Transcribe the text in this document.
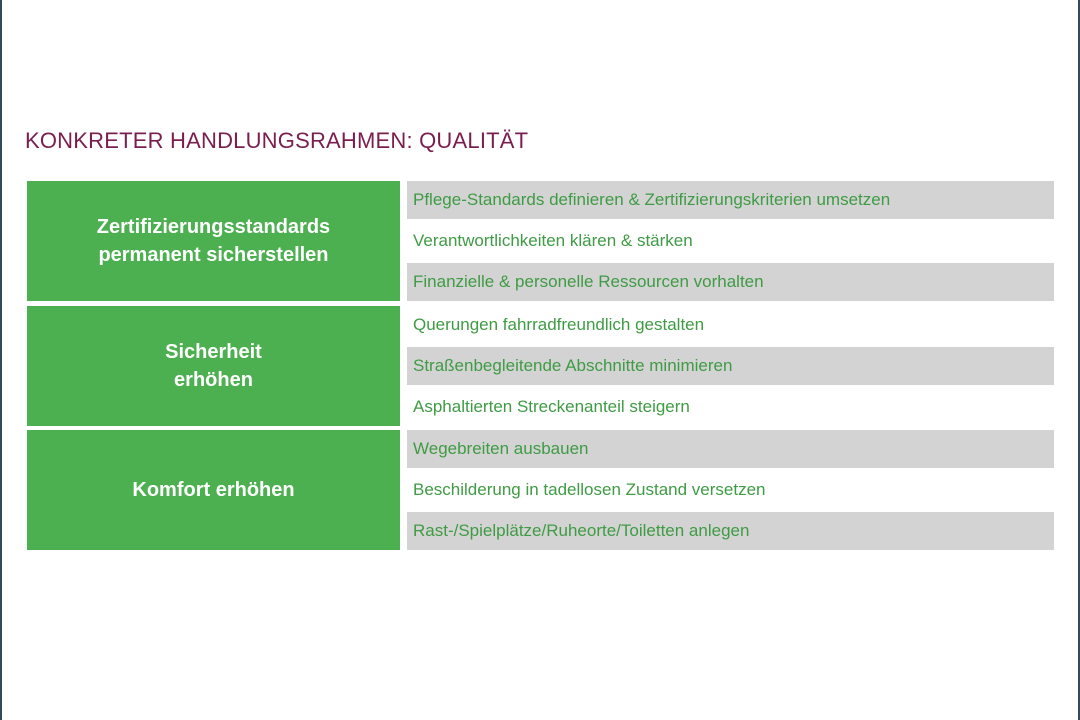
KONKRETER HANDLUNGSRAHMEN: QUALITÄT
Zertifizierungsstandards
permanent sicherstellen
Pflege-Standards definieren & Zertifizierungskriterien umsetzen
Verantwortlichkeiten klären & stärken
Finanzielle & personelle Ressourcen vorhalten
Sicherheit
erhöhen
Querungen fahrradfreundlich gestalten
Straßenbegleitende Abschnitte minimieren
Asphaltierten Streckenanteil steigern
Komfort erhöhen
Wegebreiten ausbauen
Beschilderung in tadellosen Zustand versetzen
Rast-/Spielplätze/Ruheorte/Toiletten anlegen
